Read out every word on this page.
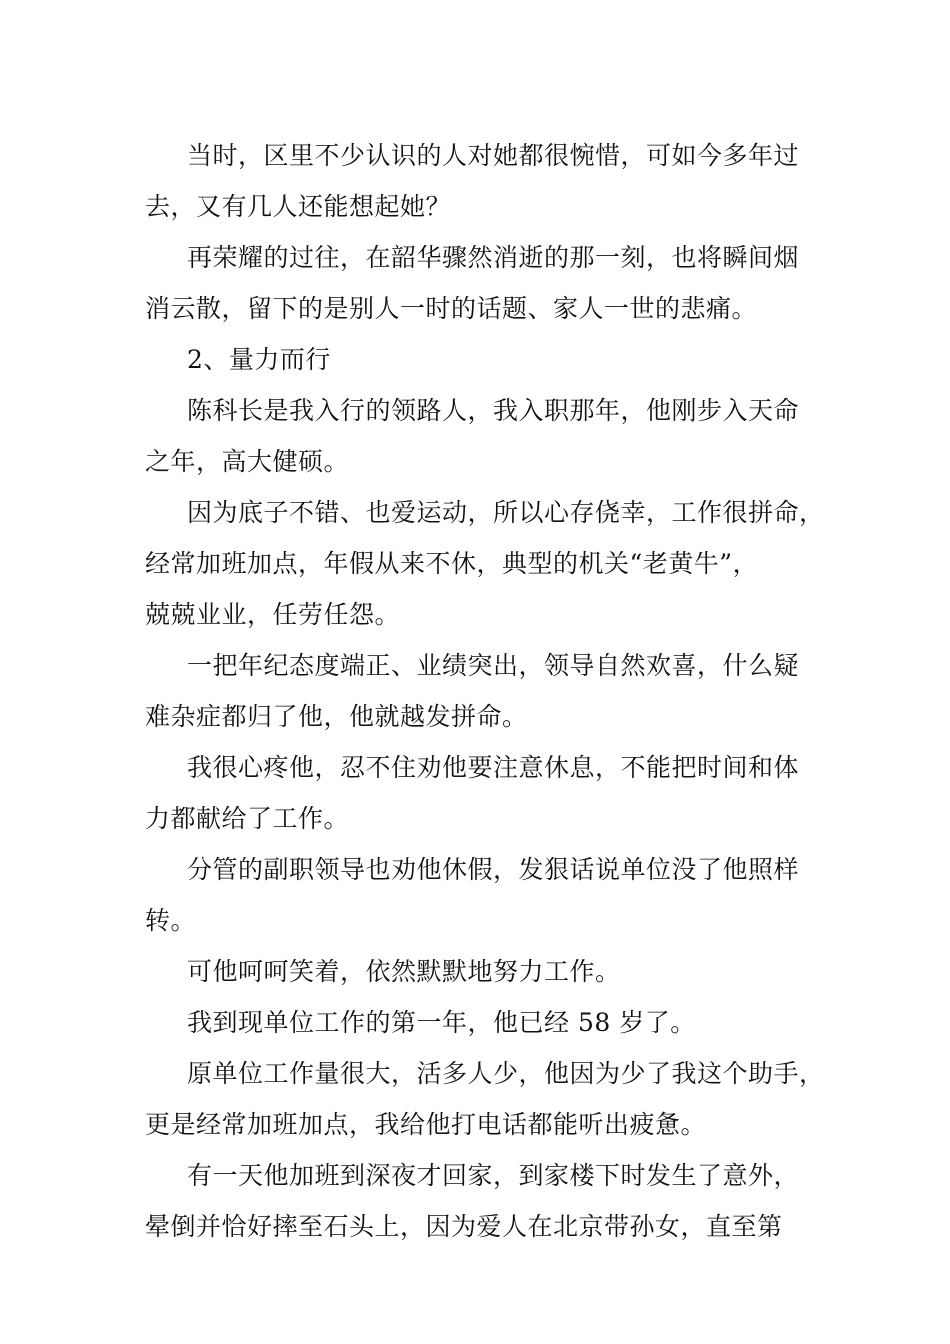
当时，区里不少认识的人对她都很惋惜，可如今多年过
去，又有几人还能想起她？
再荣耀的过往，在韶华骤然消逝的那一刻，也将瞬间烟
消云散，留下的是别人一时的话题、家人一世的悲痛。
2、量力而行
陈科长是我入行的领路人，我入职那年，他刚步入天命
之年，高大健硕。
因为底子不错、也爱运动，所以心存侥幸，工作很拼命，
经常加班加点，年假从来不休，典型的机关“老黄牛”，
兢兢业业，任劳任怨。
一把年纪态度端正、业绩突出，领导自然欢喜，什么疑
难杂症都归了他，他就越发拼命。
我很心疼他，忍不住劝他要注意休息，不能把时间和体
力都献给了工作。
分管的副职领导也劝他休假，发狠话说单位没了他照样
转。
可他呵呵笑着，依然默默地努力工作。
我到现单位工作的第一年，他已经 58 岁了。
原单位工作量很大，活多人少，他因为少了我这个助手，
更是经常加班加点，我给他打电话都能听出疲惫。
有一天他加班到深夜才回家，到家楼下时发生了意外，
晕倒并恰好摔至石头上，因为爱人在北京带孙女，直至第
